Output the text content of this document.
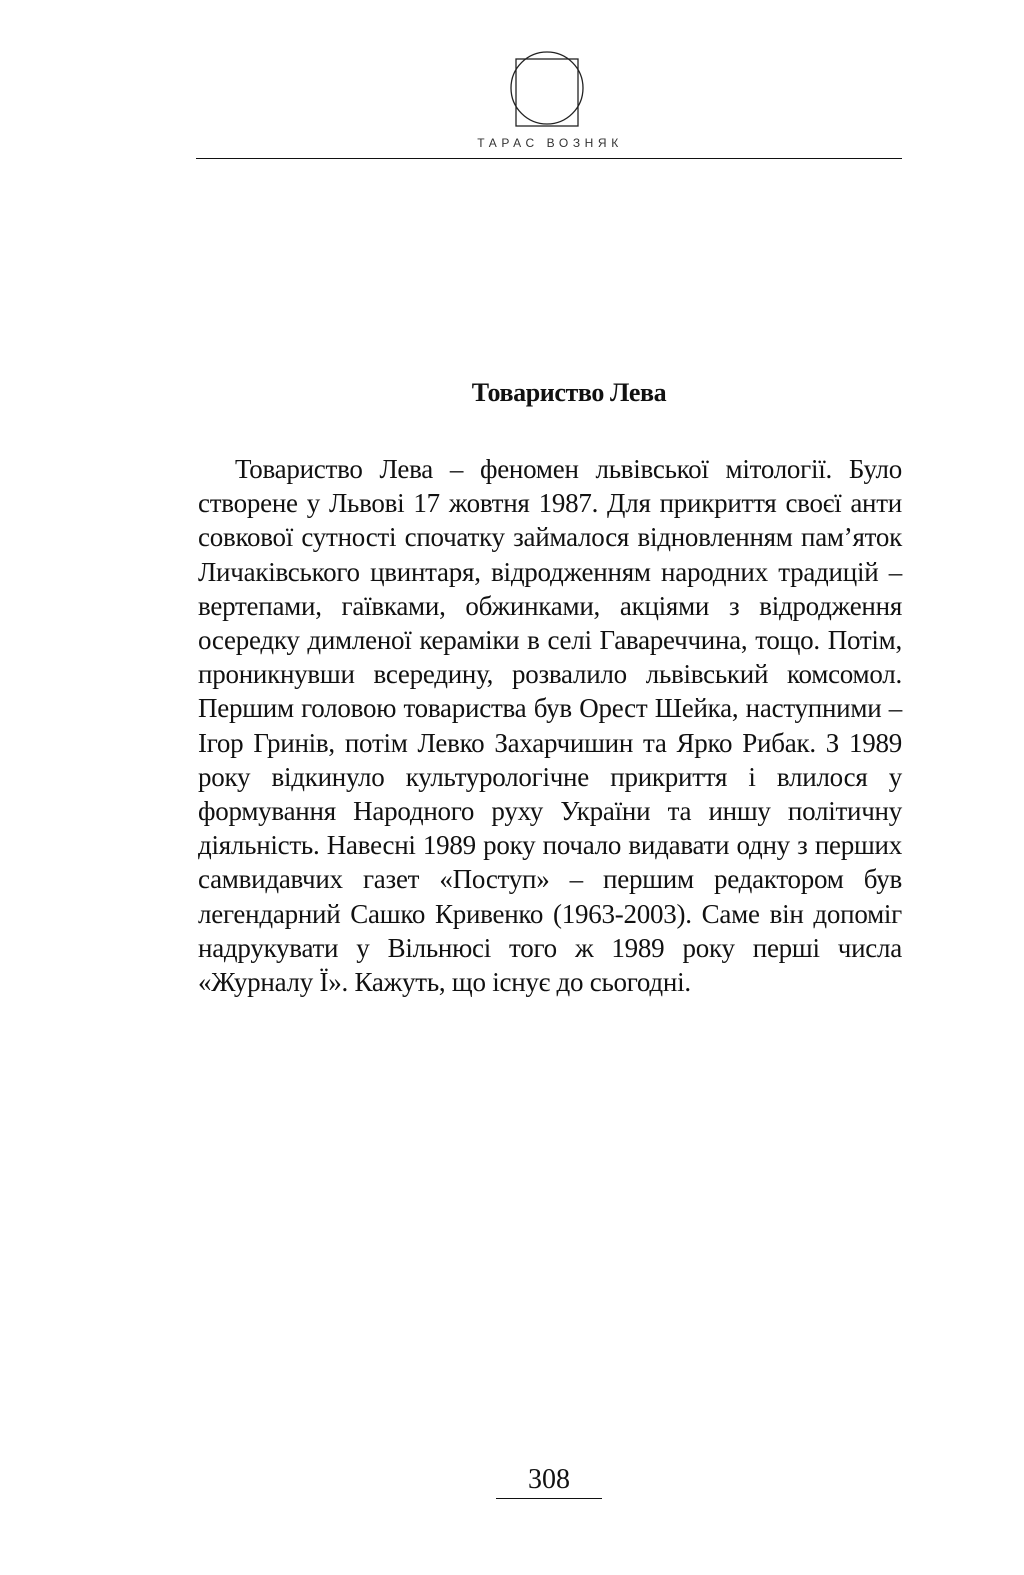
ТАРАС ВОЗНЯК
Товариство Лева

Товариство Лева – феномен львівської мітології. Було створене у Львові 17 жовтня 1987. Для прикриття своєї анти совкової сутності спочатку займалося відновленням пам’яток Личаківського цвинтаря, відродженням народних традицій – вертепами, гаївками, обжинками, акціями з відродження осередку димленої кераміки в селі Гавареччина, тощо. Потім, проникнувши всередину, розвалило львівський комсомол. Першим головою товариства був Орест Шейка, наступними – Ігор Гринів, потім Левко Захарчишин та Ярко Рибак. З 1989 року відкинуло культурологічне прикриття і влилося у формування Народного руху України та иншу політичну діяльність. Навесні 1989 року почало видавати одну з перших самвидавчих газет «Поступ» – першим редактором був легендарний Сашко Кривенко (1963-2003). Саме він допоміг надрукувати у Вільнюсі того ж 1989 року перші числа «Журналу Ї». Кажуть, що існує до сьогодні.

308
